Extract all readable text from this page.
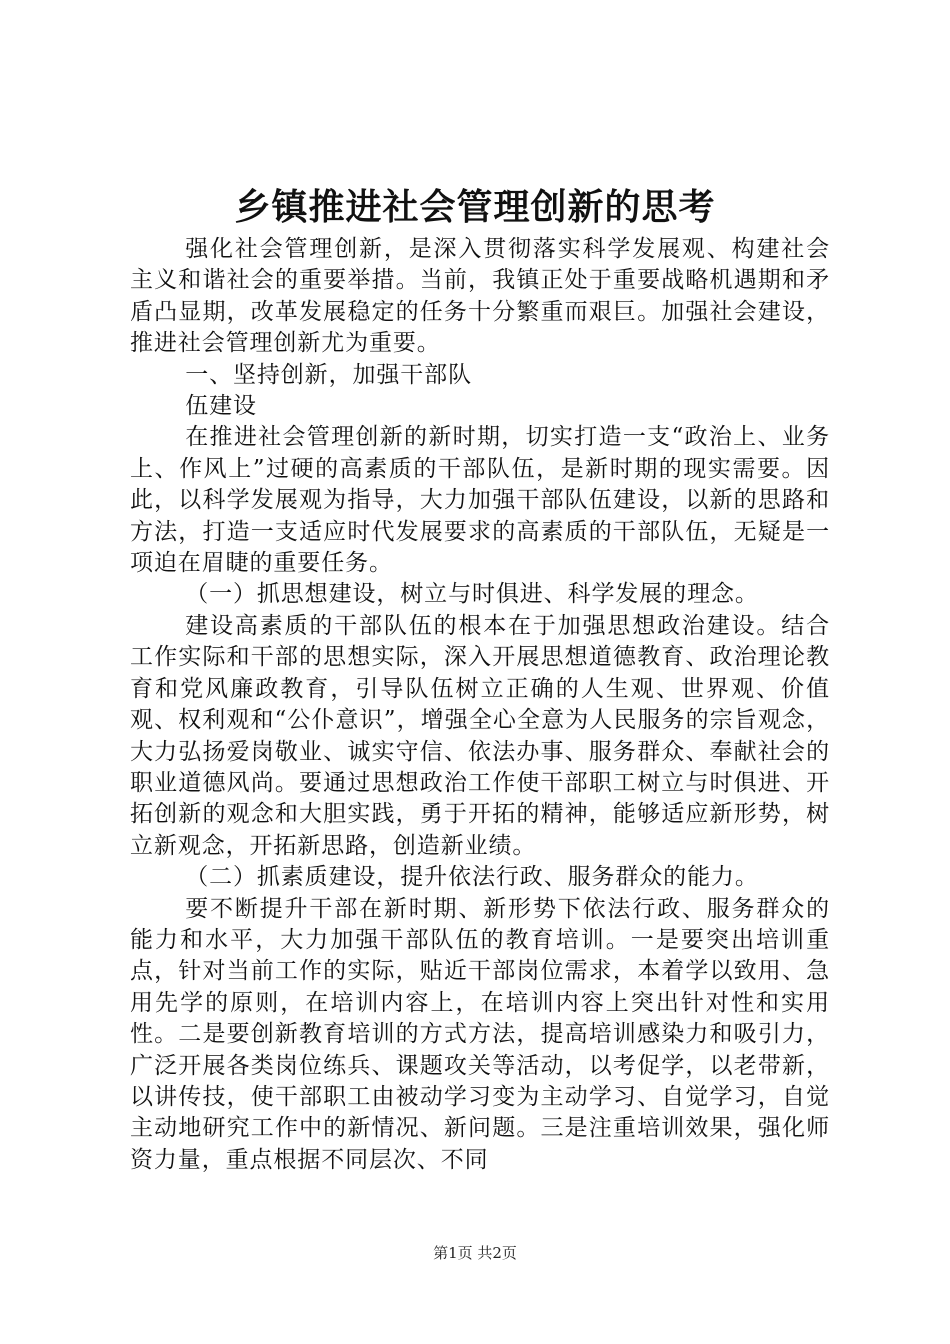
乡镇推进社会管理创新的思考

强化社会管理创新，是深入贯彻落实科学发展观、构建社会主义和谐社会的重要举措。当前，我镇正处于重要战略机遇期和矛盾凸显期，改革发展稳定的任务十分繁重而艰巨。加强社会建设，推进社会管理创新尤为重要。

一、坚持创新，加强干部队

伍建设

在推进社会管理创新的新时期，切实打造一支“政治上、业务上、作风上”过硬的高素质的干部队伍，是新时期的现实需要。因此，以科学发展观为指导，大力加强干部队伍建设，以新的思路和方法，打造一支适应时代发展要求的高素质的干部队伍，无疑是一项迫在眉睫的重要任务。

（一）抓思想建设，树立与时俱进、科学发展的理念。

建设高素质的干部队伍的根本在于加强思想政治建设。结合工作实际和干部的思想实际，深入开展思想道德教育、政治理论教育和党风廉政教育，引导队伍树立正确的人生观、世界观、价值观、权利观和“公仆意识”，增强全心全意为人民服务的宗旨观念，大力弘扬爱岗敬业、诚实守信、依法办事、服务群众、奉献社会的职业道德风尚。要通过思想政治工作使干部职工树立与时俱进、开拓创新的观念和大胆实践，勇于开拓的精神，能够适应新形势，树立新观念，开拓新思路，创造新业绩。

（二）抓素质建设，提升依法行政、服务群众的能力。

要不断提升干部在新时期、新形势下依法行政、服务群众的能力和水平，大力加强干部队伍的教育培训。一是要突出培训重点，针对当前工作的实际，贴近干部岗位需求，本着学以致用、急用先学的原则，在培训内容上，在培训内容上突出针对性和实用性。二是要创新教育培训的方式方法，提高培训感染力和吸引力，广泛开展各类岗位练兵、课题攻关等活动，以考促学，以老带新，以讲传技，使干部职工由被动学习变为主动学习、自觉学习，自觉主动地研究工作中的新情况、新问题。三是注重培训效果，强化师资力量，重点根据不同层次、不同

第1页 共2页
